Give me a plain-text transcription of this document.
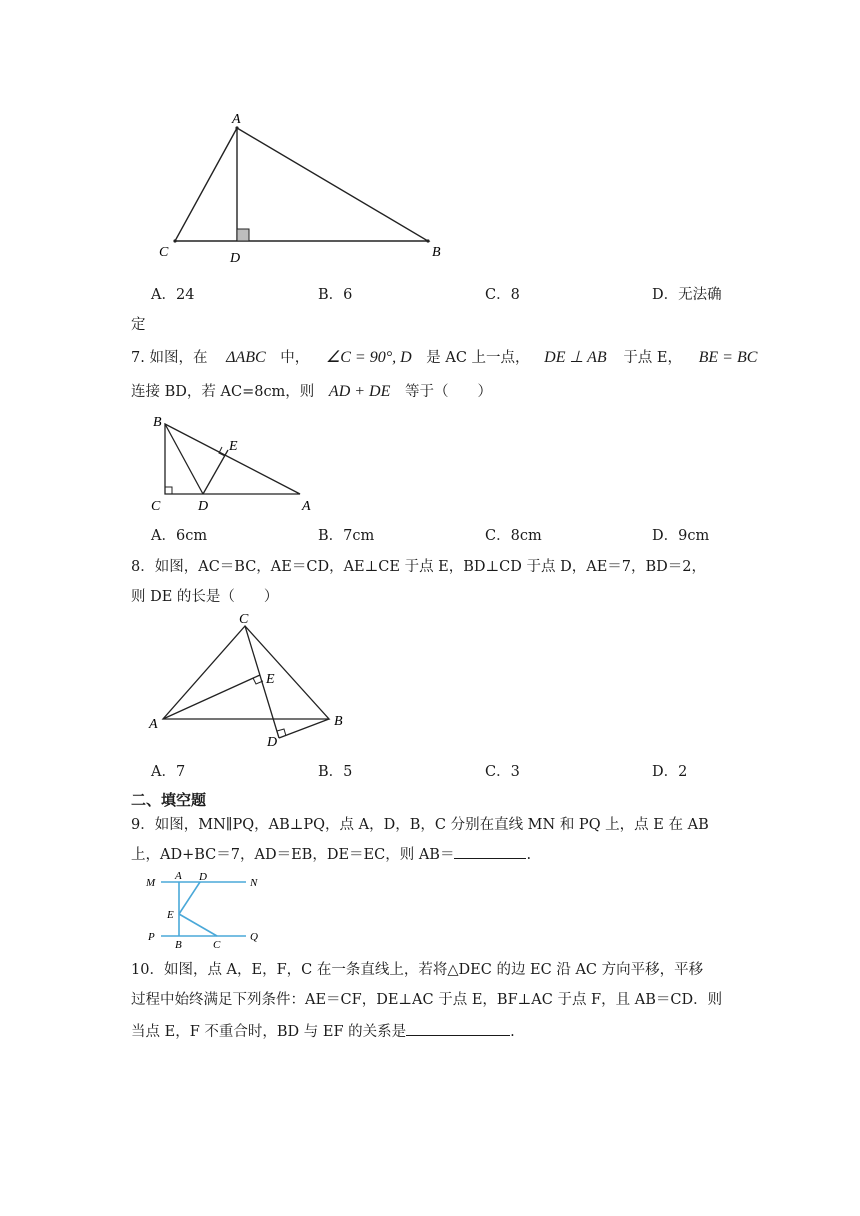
A
C	D	B
A．24	B．6	C．8	D．无法确
定
7. 如图，在 ΔABC 中， ∠C = 90°, D 是 AC 上一点， DE ⊥ AB 于点 E， BE = BC
连接 BD，若 AC=8cm，则 AD + DE 等于（　　）
B
E
C	D	A
A．6cm	B．7cm	C．8cm	D．9cm
8．如图，AC＝BC，AE＝CD，AE⊥CE 于点 E，BD⊥CD 于点 D，AE＝7，BD＝2，
则 DE 的长是（　　）
C
E
A	B
D
A．7	B．5	C．3	D．2
二、填空题
9．如图，MN∥PQ，AB⊥PQ，点 A，D，B，C 分别在直线 MN 和 PQ 上，点 E 在 AB
上，AD+BC＝7，AD＝EB，DE＝EC，则 AB＝	.
M
A D	N
E
P
B	C
Q
10．如图，点 A，E，F，C 在一条直线上，若将△DEC 的边 EC 沿 AC 方向平移，平移
过程中始终满足下列条件：AE＝CF，DE⊥AC 于点 E，BF⊥AC 于点 F，且 AB＝CD．则
当点 E，F 不重合时，BD 与 EF 的关系是	.
